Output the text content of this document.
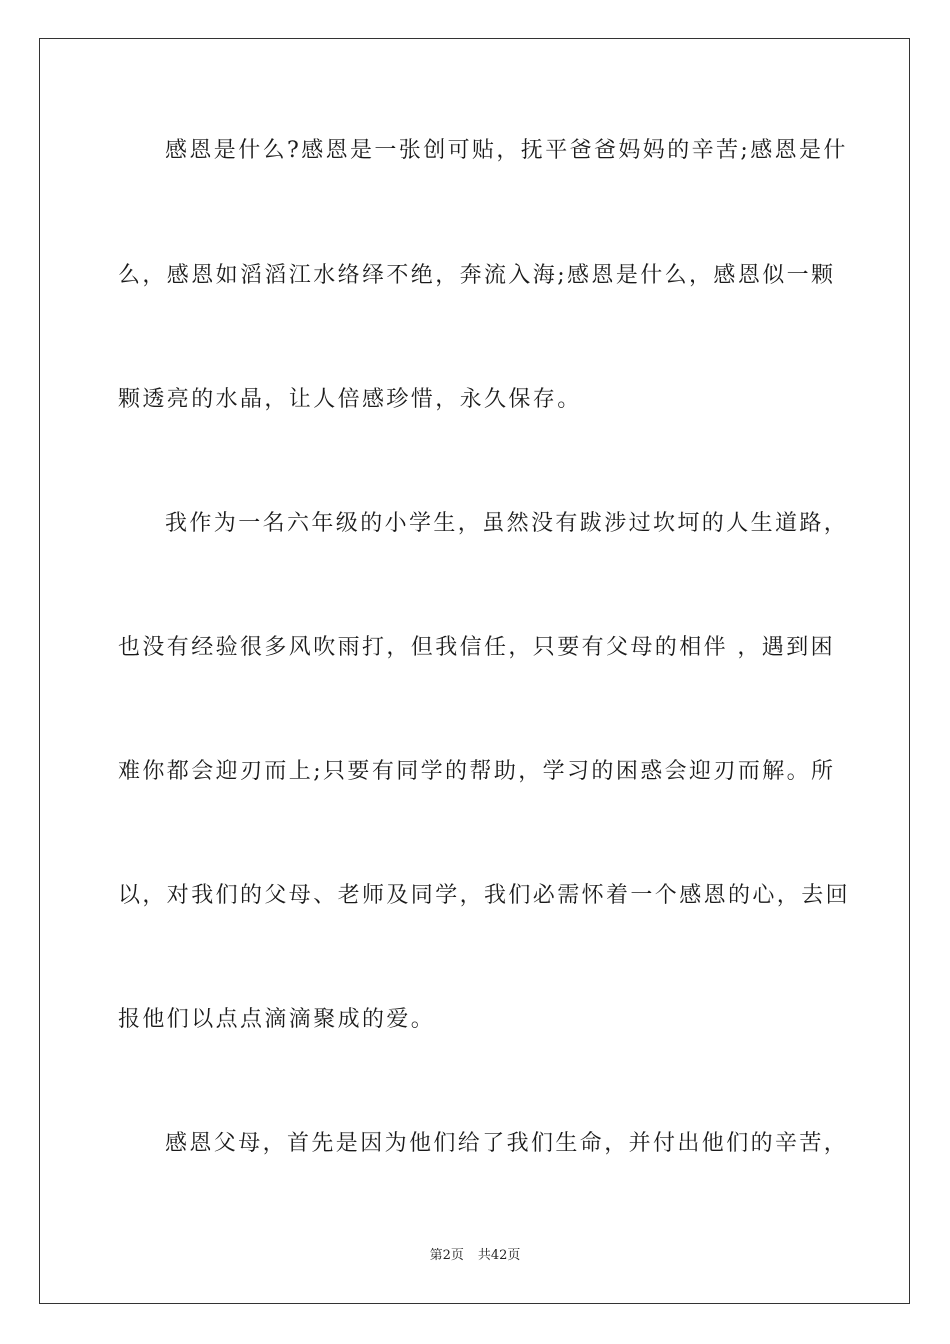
感恩是什么?感恩是一张创可贴，抚平爸爸妈妈的辛苦;感恩是什
么，感恩如滔滔江水络绎不绝，奔流入海;感恩是什么，感恩似一颗
颗透亮的水晶，让人倍感珍惜，永久保存。
我作为一名六年级的小学生，虽然没有跋涉过坎坷的人生道路，
也没有经验很多风吹雨打，但我信任，只要有父母的相伴 ，遇到困
难你都会迎刃而上;只要有同学的帮助，学习的困惑会迎刃而解。所
以，对我们的父母、老师及同学，我们必需怀着一个感恩的心，去回
报他们以点点滴滴聚成的爱。
感恩父母，首先是因为他们给了我们生命，并付出他们的辛苦，
第2页 共42页
